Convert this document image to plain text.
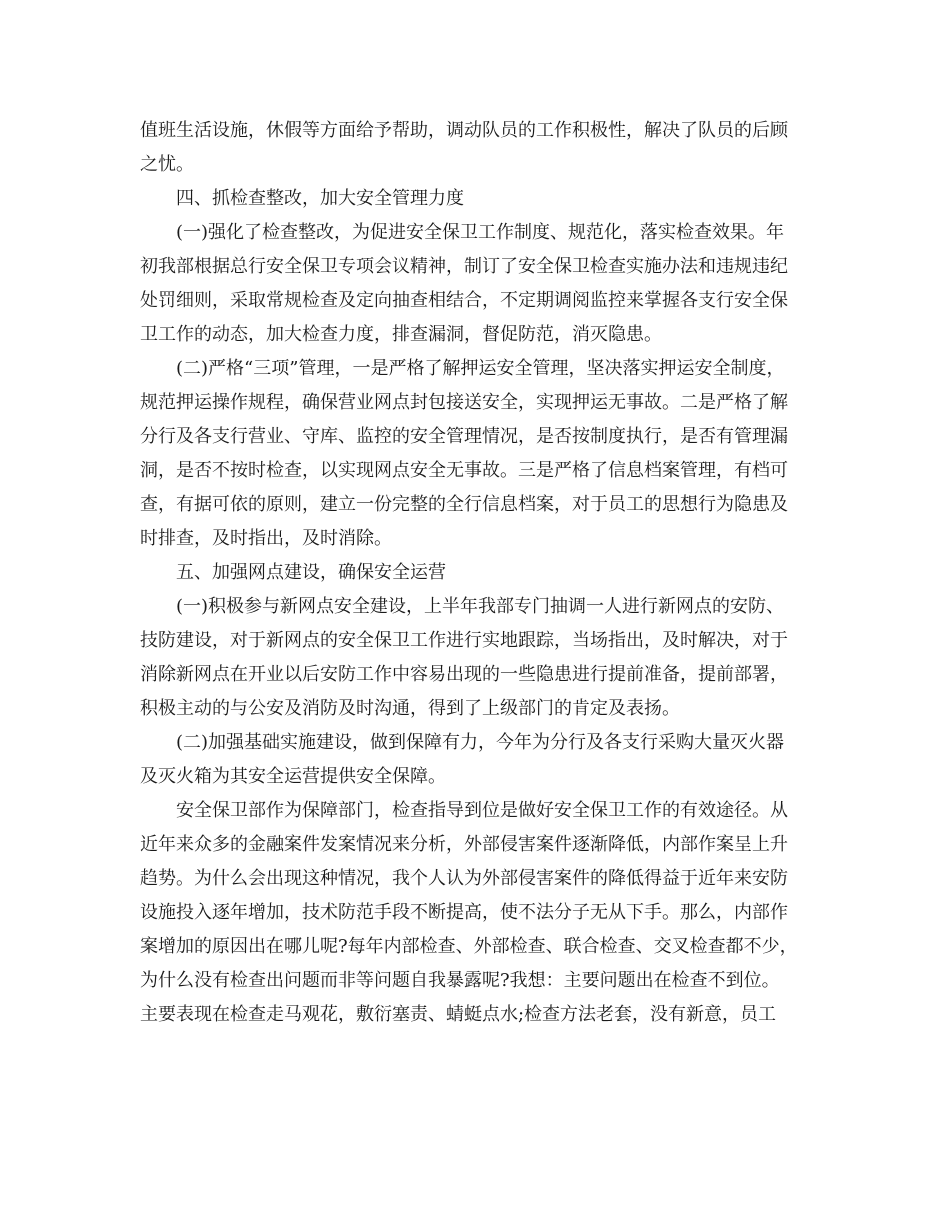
值班生活设施，休假等方面给予帮助，调动队员的工作积极性，解决了队员的后顾
之忧。
四、抓检查整改，加大安全管理力度
(一)强化了检查整改，为促进安全保卫工作制度、规范化，落实检查效果。年
初我部根据总行安全保卫专项会议精神，制订了安全保卫检查实施办法和违规违纪
处罚细则，采取常规检查及定向抽查相结合，不定期调阅监控来掌握各支行安全保
卫工作的动态，加大检查力度，排查漏洞，督促防范，消灭隐患。
(二)严格“三项”管理，一是严格了解押运安全管理，坚决落实押运安全制度，
规范押运操作规程，确保营业网点封包接送安全，实现押运无事故。二是严格了解
分行及各支行营业、守库、监控的安全管理情况，是否按制度执行，是否有管理漏
洞，是否不按时检查，以实现网点安全无事故。三是严格了信息档案管理，有档可
查，有据可依的原则，建立一份完整的全行信息档案，对于员工的思想行为隐患及
时排查，及时指出，及时消除。
五、加强网点建设，确保安全运营
(一)积极参与新网点安全建设，上半年我部专门抽调一人进行新网点的安防、
技防建设，对于新网点的安全保卫工作进行实地跟踪，当场指出，及时解决，对于
消除新网点在开业以后安防工作中容易出现的一些隐患进行提前准备，提前部署，
积极主动的与公安及消防及时沟通，得到了上级部门的肯定及表扬。
(二)加强基础实施建设，做到保障有力，今年为分行及各支行采购大量灭火器
及灭火箱为其安全运营提供安全保障。
安全保卫部作为保障部门，检查指导到位是做好安全保卫工作的有效途径。从
近年来众多的金融案件发案情况来分析，外部侵害案件逐渐降低，内部作案呈上升
趋势。为什么会出现这种情况，我个人认为外部侵害案件的降低得益于近年来安防
设施投入逐年增加，技术防范手段不断提高，使不法分子无从下手。那么，内部作
案增加的原因出在哪儿呢?每年内部检查、外部检查、联合检查、交叉检查都不少，
为什么没有检查出问题而非等问题自我暴露呢?我想：主要问题出在检查不到位。
主要表现在检查走马观花，敷衍塞责、蜻蜓点水;检查方法老套，没有新意，员工
